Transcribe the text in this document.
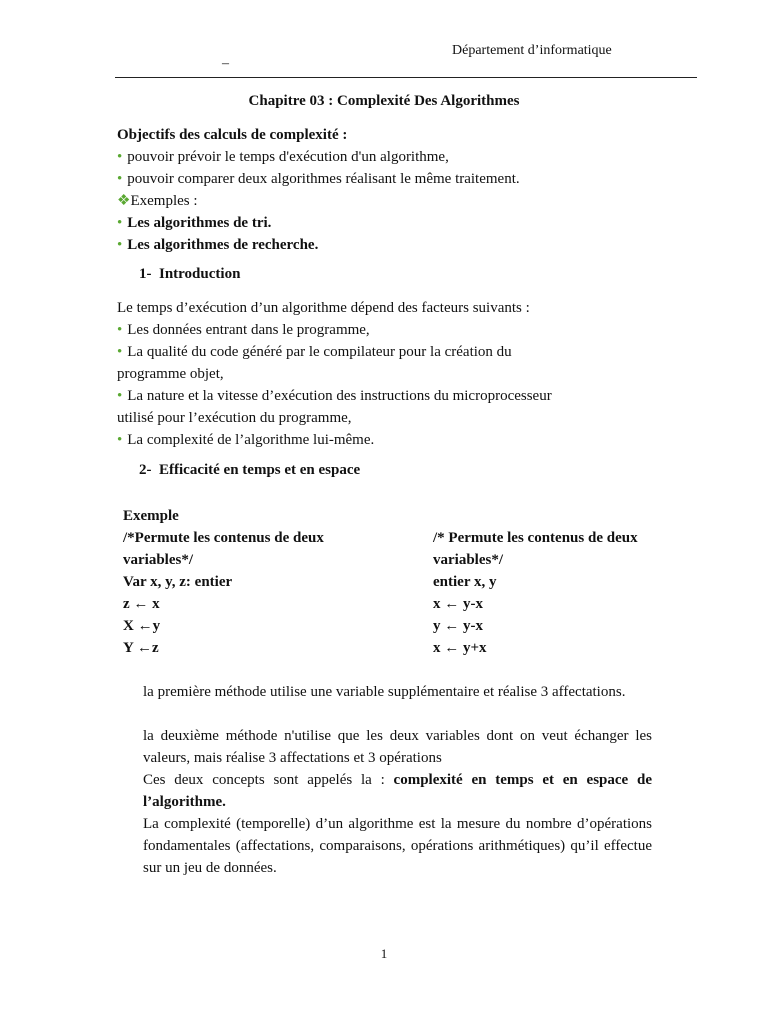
Département d’informatique
–
Chapitre 03 : Complexité Des Algorithmes
Objectifs des calculs de complexité :
• pouvoir prévoir le temps d'exécution d'un algorithme,
• pouvoir comparer deux algorithmes réalisant le même traitement.
❖Exemples :
• Les algorithmes de tri.
• Les algorithmes de recherche.
1- Introduction
Le temps d’exécution d’un algorithme dépend des facteurs suivants :
• Les données entrant dans le programme,
• La qualité du code généré par le compilateur pour la création du
programme objet,
• La nature et la vitesse d’exécution des instructions du microprocesseur
utilisé pour l’exécution du programme,
• La complexité de l’algorithme lui-même.
2- Efficacité en temps et en espace
Exemple
/*Permute les contenus de deux
variables*/
Var x, y, z: entier
z ← x
X ←y
Y ←z
/* Permute les contenus de deux
variables*/
entier x, y
x ← y-x
y ← y-x
x ← y+x
la première méthode utilise une variable supplémentaire et réalise 3 affectations.
la deuxième méthode n'utilise que les deux variables dont on veut échanger les valeurs, mais réalise 3 affectations et 3 opérations
Ces deux concepts sont appelés la : complexité en temps et en espace de l’algorithme.
La complexité (temporelle) d’un algorithme est la mesure du nombre d’opérations fondamentales (affectations, comparaisons, opérations arithmétiques) qu’il effectue sur un jeu de données.
1
